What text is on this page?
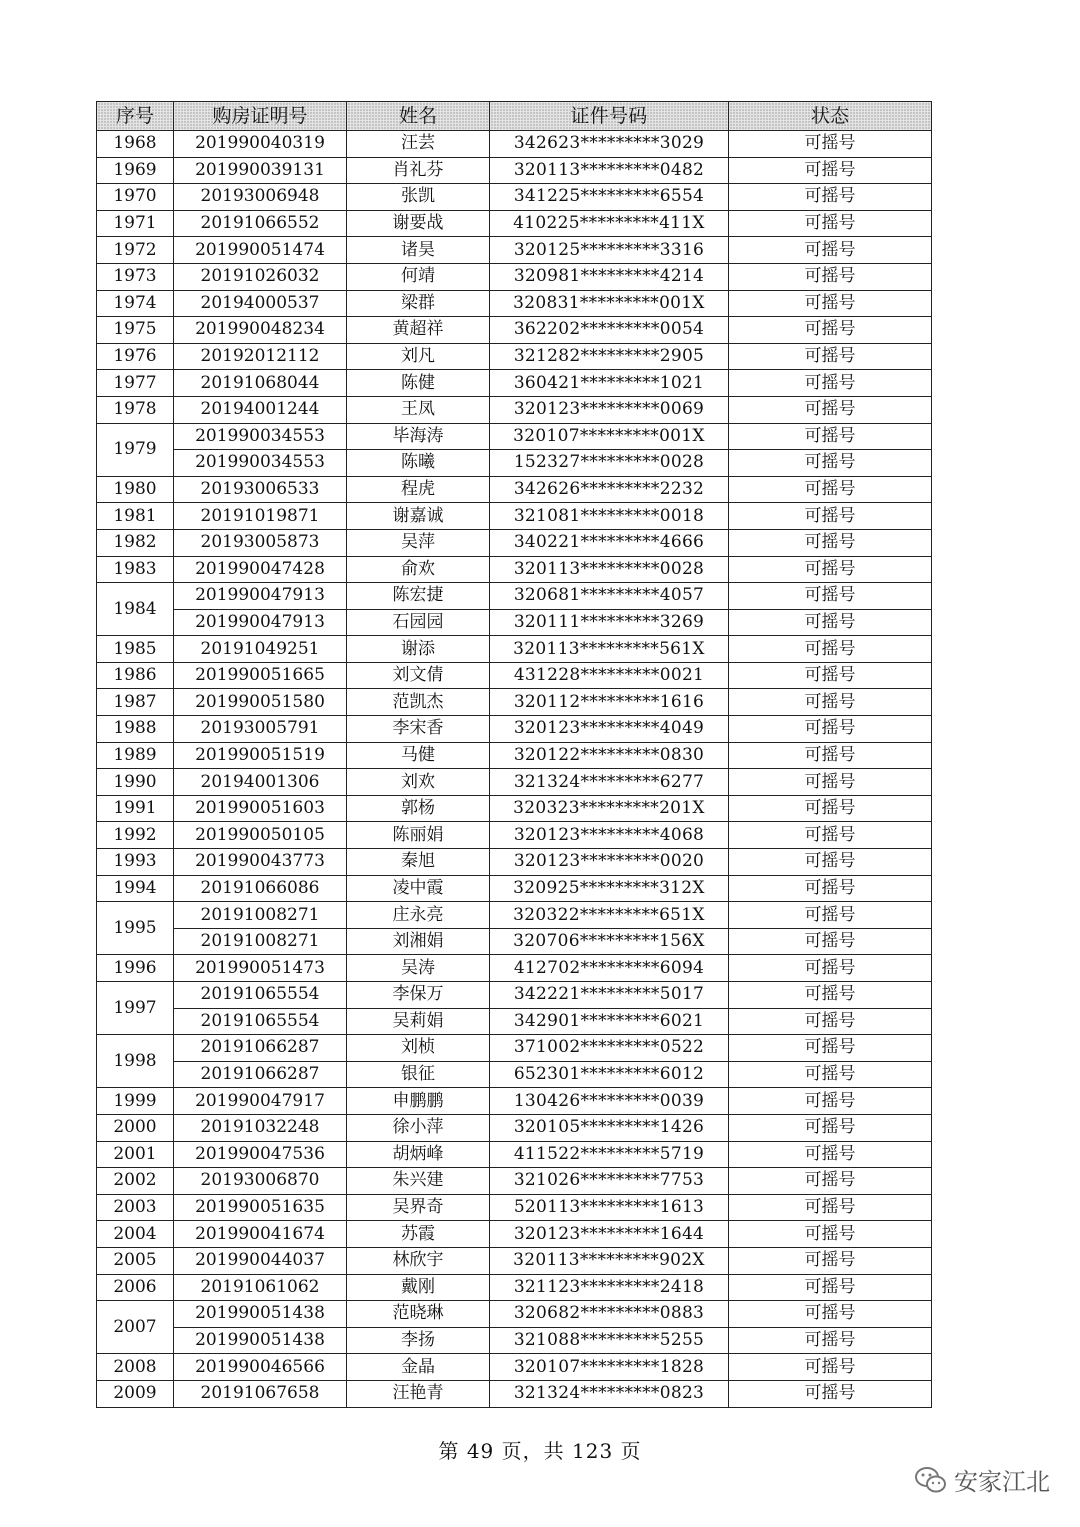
序号	购房证明号	姓名	证件号码	状态
1968	201990040319	汪芸	342623*********3029	可摇号
1969	201990039131	肖礼芬	320113*********0482	可摇号
1970	20193006948	张凯	341225*********6554	可摇号
1971	20191066552	谢要战	410225*********411X	可摇号
1972	201990051474	诸昊	320125*********3316	可摇号
1973	20191026032	何靖	320981*********4214	可摇号
1974	20194000537	梁群	320831*********001X	可摇号
1975	201990048234	黄超祥	362202*********0054	可摇号
1976	20192012112	刘凡	321282*********2905	可摇号
1977	20191068044	陈健	360421*********1021	可摇号
1978	20194001244	王凤	320123*********0069	可摇号
1979	201990034553	毕海涛	320107*********001X	可摇号
	201990034553	陈曦	152327*********0028	可摇号
1980	20193006533	程虎	342626*********2232	可摇号
1981	20191019871	谢嘉诚	321081*********0018	可摇号
1982	20193005873	吴萍	340221*********4666	可摇号
1983	201990047428	俞欢	320113*********0028	可摇号
1984	201990047913	陈宏捷	320681*********4057	可摇号
	201990047913	石园园	320111*********3269	可摇号
1985	20191049251	谢添	320113*********561X	可摇号
1986	201990051665	刘文倩	431228*********0021	可摇号
1987	201990051580	范凯杰	320112*********1616	可摇号
1988	20193005791	李宋香	320123*********4049	可摇号
1989	201990051519	马健	320122*********0830	可摇号
1990	20194001306	刘欢	321324*********6277	可摇号
1991	201990051603	郭杨	320323*********201X	可摇号
1992	201990050105	陈丽娟	320123*********4068	可摇号
1993	201990043773	秦旭	320123*********0020	可摇号
1994	20191066086	凌中霞	320925*********312X	可摇号
1995	20191008271	庄永亮	320322*********651X	可摇号
	20191008271	刘湘娟	320706*********156X	可摇号
1996	201990051473	吴涛	412702*********6094	可摇号
1997	20191065554	李保万	342221*********5017	可摇号
	20191065554	吴莉娟	342901*********6021	可摇号
1998	20191066287	刘桢	371002*********0522	可摇号
	20191066287	银征	652301*********6012	可摇号
1999	201990047917	申鹏鹏	130426*********0039	可摇号
2000	20191032248	徐小萍	320105*********1426	可摇号
2001	201990047536	胡炳峰	411522*********5719	可摇号
2002	20193006870	朱兴建	321026*********7753	可摇号
2003	201990051635	吴界奇	520113*********1613	可摇号
2004	201990041674	苏霞	320123*********1644	可摇号
2005	201990044037	林欣宇	320113*********902X	可摇号
2006	20191061062	戴刚	321123*********2418	可摇号
2007	201990051438	范晓琳	320682*********0883	可摇号
	201990051438	李扬	321088*********5255	可摇号
2008	201990046566	金晶	320107*********1828	可摇号
2009	20191067658	汪艳青	321324*********0823	可摇号
第 49 页，共 123 页
安家江北
